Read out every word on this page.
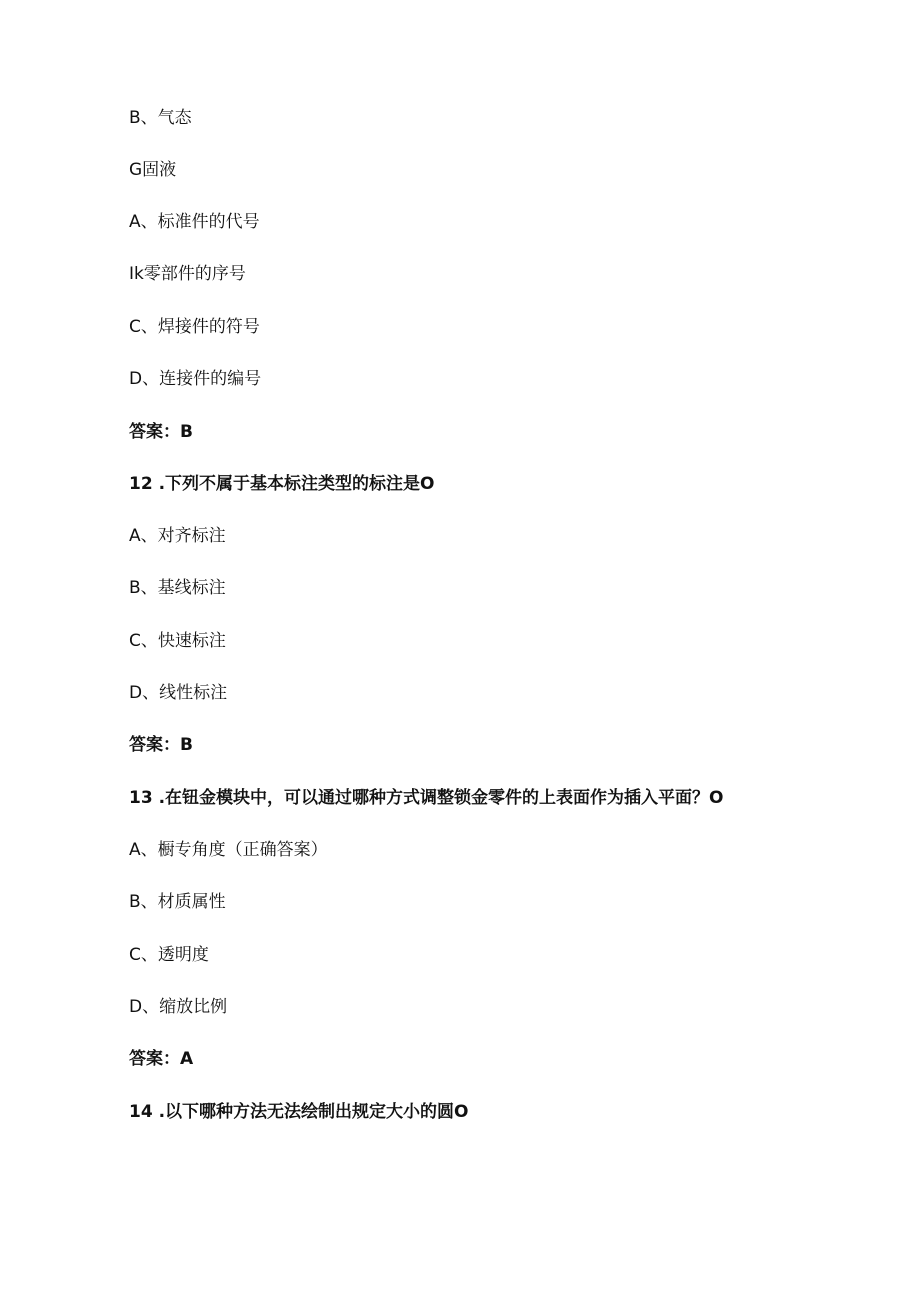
B、气态
G固液
A、标准件的代号
Ik零部件的序号
C、焊接件的符号
D、连接件的编号
答案：B
12 .下列不属于基本标注类型的标注是O
A、对齐标注
B、基线标注
C、快速标注
D、线性标注
答案：B
13 .在钮金模块中，可以通过哪种方式调整锁金零件的上表面作为插入平面？O
A、橱专角度（正确答案）
B、材质属性
C、透明度
D、缩放比例
答案：A
14 .以下哪种方法无法绘制出规定大小的圆O
